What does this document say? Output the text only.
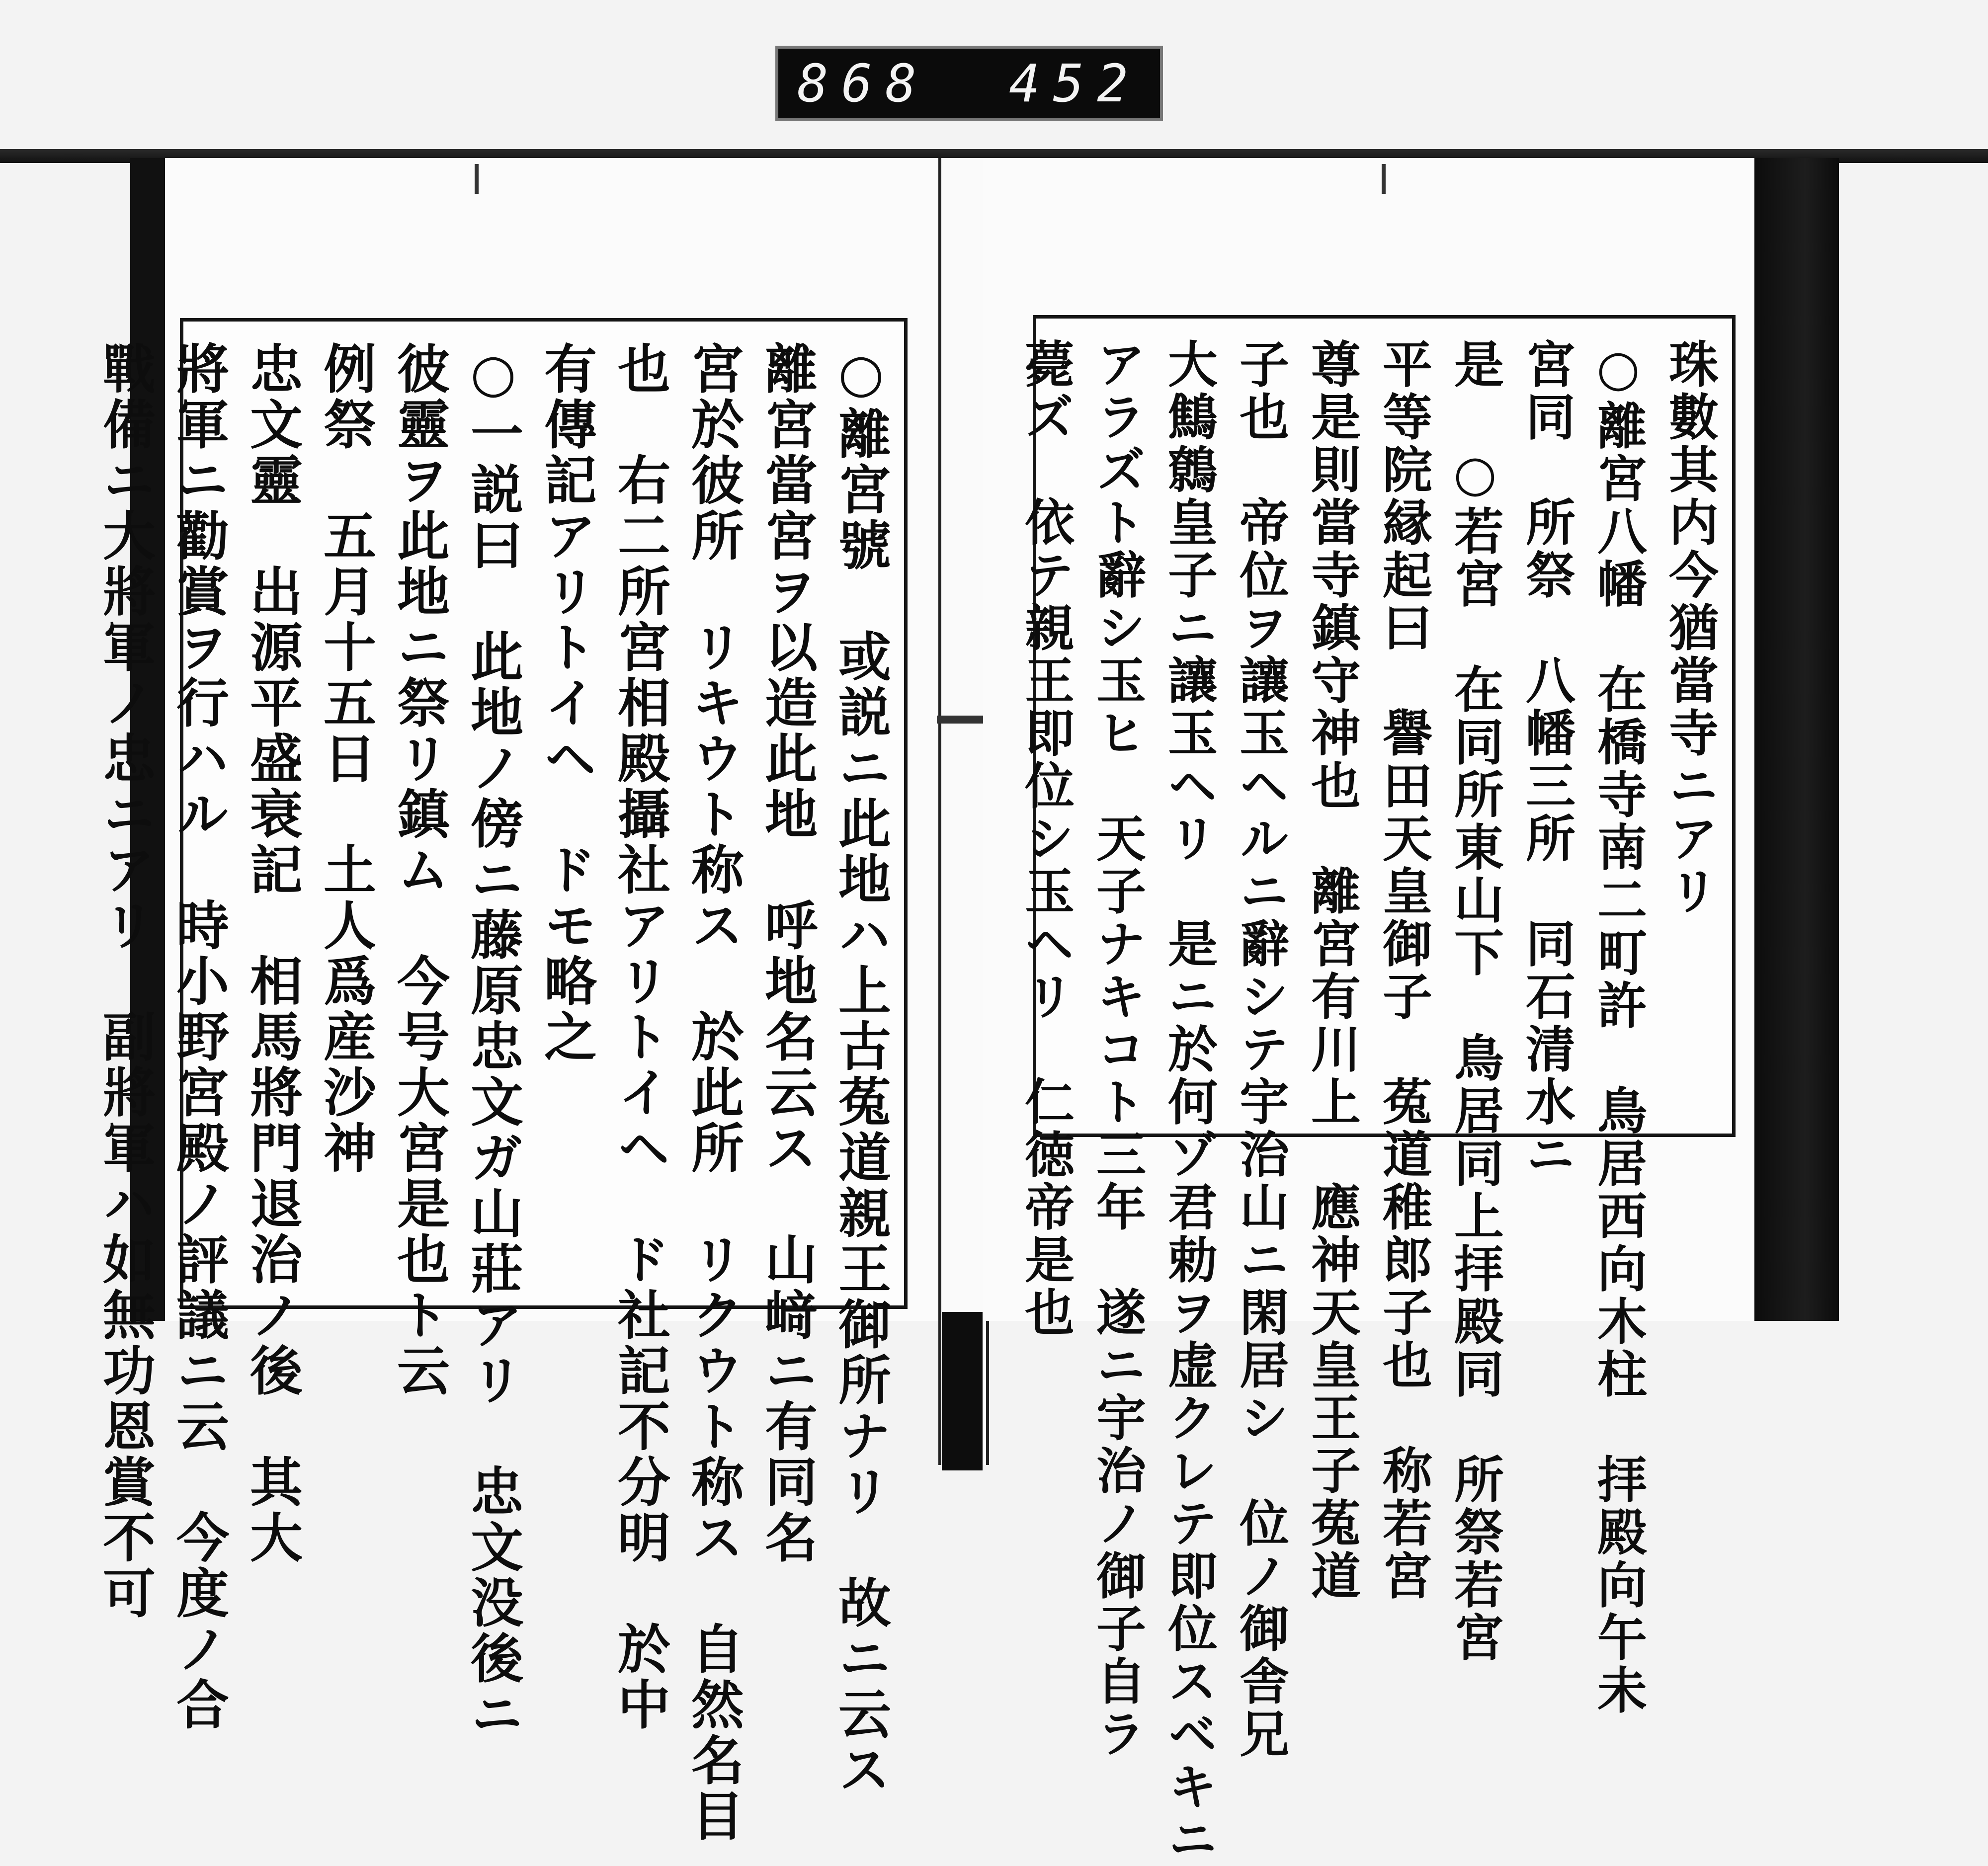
868 452
○離宮號　或説ニ此地ハ上古菟道親王御所ナリ　故ニ云ス
離宮當宮ヲ以造此地　呼地名云ス　山﨑ニ有同名
宮於彼所　リキウト称ス　於此所　リクウト称ス　自然名目
也　右二所宮相殿攝社アリトイヘ　ド社記不分明　於中
有傳記アリトイヘ　ドモ略之
○一説曰　此地ノ傍ニ藤原忠文ガ山莊アリ　忠文没後ニ
彼靈ヲ此地ニ祭リ鎮ム　今号大宮是也ト云
例祭　五月十五日　土人爲産沙神
忠文靈　出源平盛衰記　相馬將門退治ノ後　其大
將軍ニ勸賞ヲ行ハル　時小野宮殿ノ評議ニ云　今度ノ合
戰備ニ大將軍ノ忠ニアリ　副將軍ハ如無功恩賞不可	珠數其内今猶當寺ニアリ
○離宮八幡　在橋寺南二町許　鳥居西向木柱　拝殿向午未
宮同　所祭　八幡三所　同石清水ニ
是　○若宮　在同所東山下　鳥居同上拝殿同　所祭若宮
平等院縁起曰　譽田天皇御子　菟道稚郎子也　称若宮
尊是則當寺鎮守神也　離宮有川上　應神天皇王子菟道
子也　帝位ヲ讓玉ヘルニ辭シテ宇治山ニ閑居シ　位ノ御舎兄
大鷦鷯皇子ニ讓玉ヘリ　是ニ於何ゾ君勅ヲ虚クレテ即位スベキニ
アラズト辭シ玉ヒ　天子ナキコト三年　遂ニ宇治ノ御子自ラ
薨ズ　依テ親王即位シ玉ヘリ　仁徳帝是也
